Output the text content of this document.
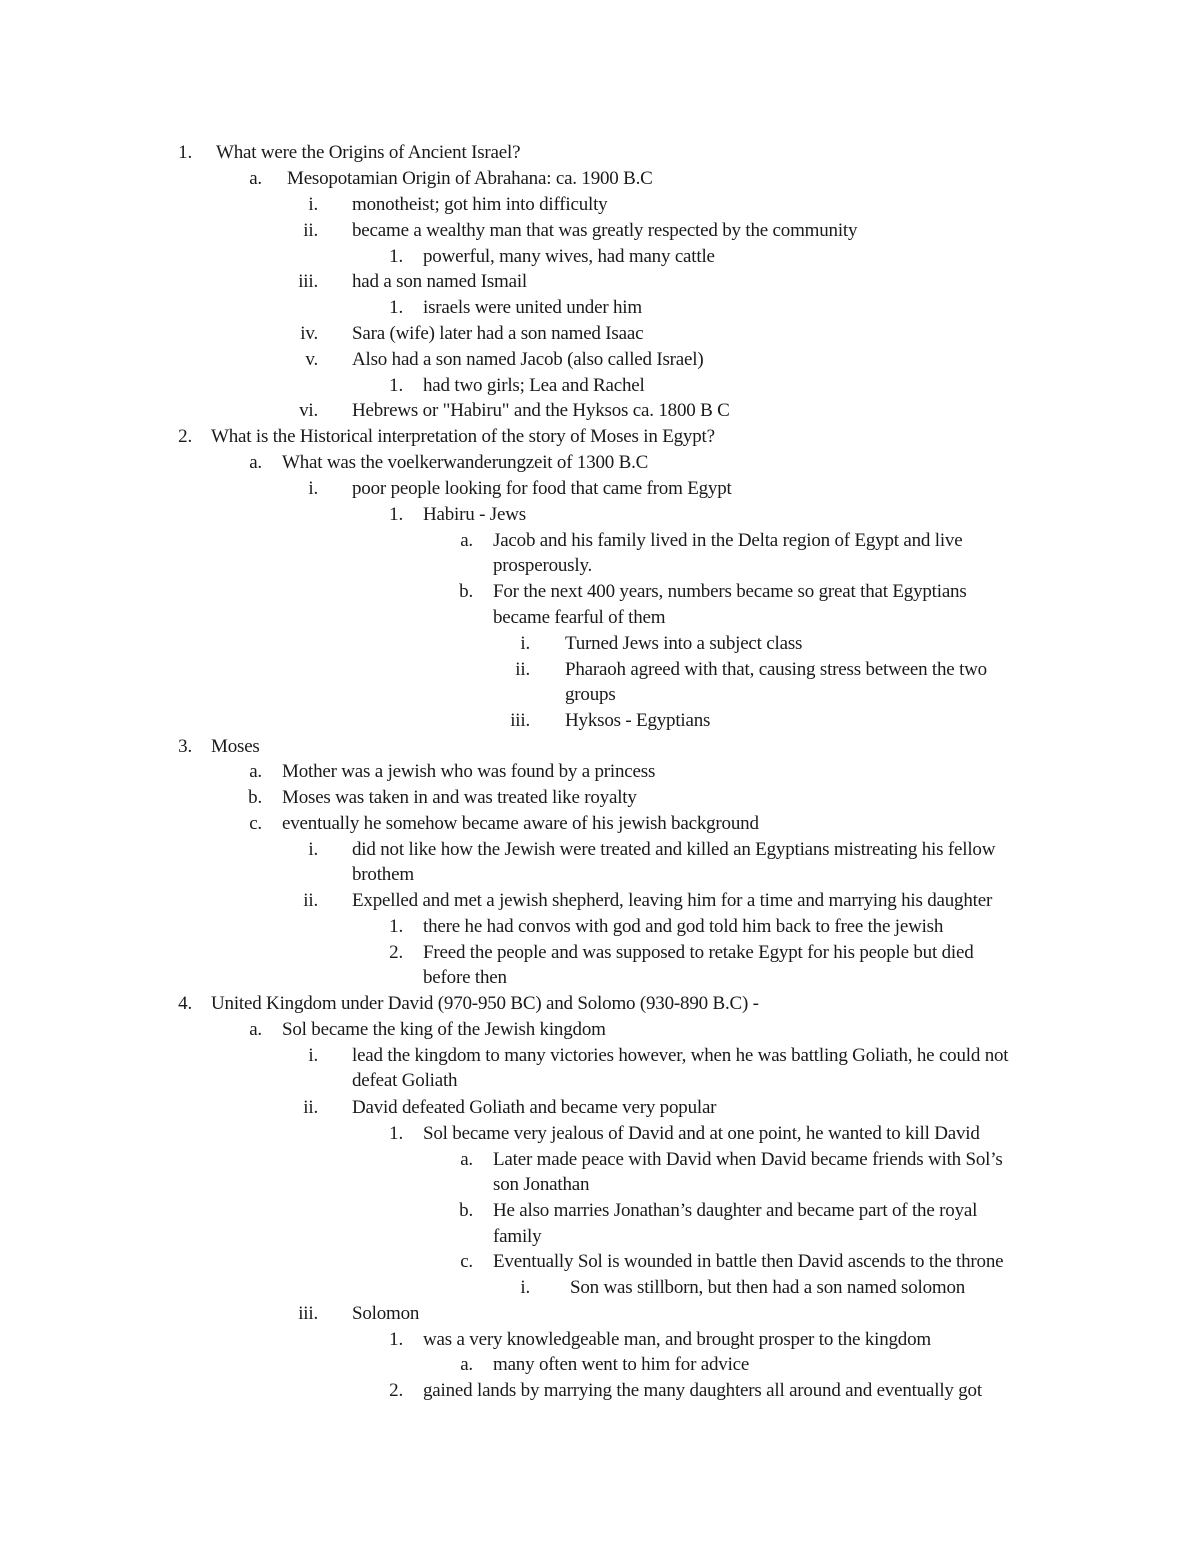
1. What were the Origins of Ancient Israel?
a. Mesopotamian Origin of Abrahana: ca. 1900 B.C
i. monotheist; got him into difficulty
ii. became a wealthy man that was greatly respected by the community
1. powerful, many wives, had many cattle
iii. had a son named Ismail
1. israels were united under him
iv. Sara (wife) later had a son named Isaac
v. Also had a son named Jacob (also called Israel)
1. had two girls; Lea and Rachel
vi. Hebrews or "Habiru" and the Hyksos ca. 1800 B C
2. What is the Historical interpretation of the story of Moses in Egypt?
a. What was the voelkerwanderungzeit of 1300 B.C
i. poor people looking for food that came from Egypt
1. Habiru - Jews
a. Jacob and his family lived in the Delta region of Egypt and live
prosperously.
b. For the next 400 years, numbers became so great that Egyptians
became fearful of them
i. Turned Jews into a subject class
ii. Pharaoh agreed with that, causing stress between the two
groups
iii. Hyksos - Egyptians
3. Moses
a. Mother was a jewish who was found by a princess
b. Moses was taken in and was treated like royalty
c. eventually he somehow became aware of his jewish background
i. did not like how the Jewish were treated and killed an Egyptians mistreating his fellow
brothem
ii. Expelled and met a jewish shepherd, leaving him for a time and marrying his daughter
1. there he had convos with god and god told him back to free the jewish
2. Freed the people and was supposed to retake Egypt for his people but died
before then
4. United Kingdom under David (970-950 BC) and Solomo (930-890 B.C) -
a. Sol became the king of the Jewish kingdom
i. lead the kingdom to many victories however, when he was battling Goliath, he could not
defeat Goliath
ii. David defeated Goliath and became very popular
1. Sol became very jealous of David and at one point, he wanted to kill David
a. Later made peace with David when David became friends with Sol’s
son Jonathan
b. He also marries Jonathan’s daughter and became part of the royal
family
c. Eventually Sol is wounded in battle then David ascends to the throne
i. Son was stillborn, but then had a son named solomon
iii. Solomon
1. was a very knowledgeable man, and brought prosper to the kingdom
a. many often went to him for advice
2. gained lands by marrying the many daughters all around and eventually got
